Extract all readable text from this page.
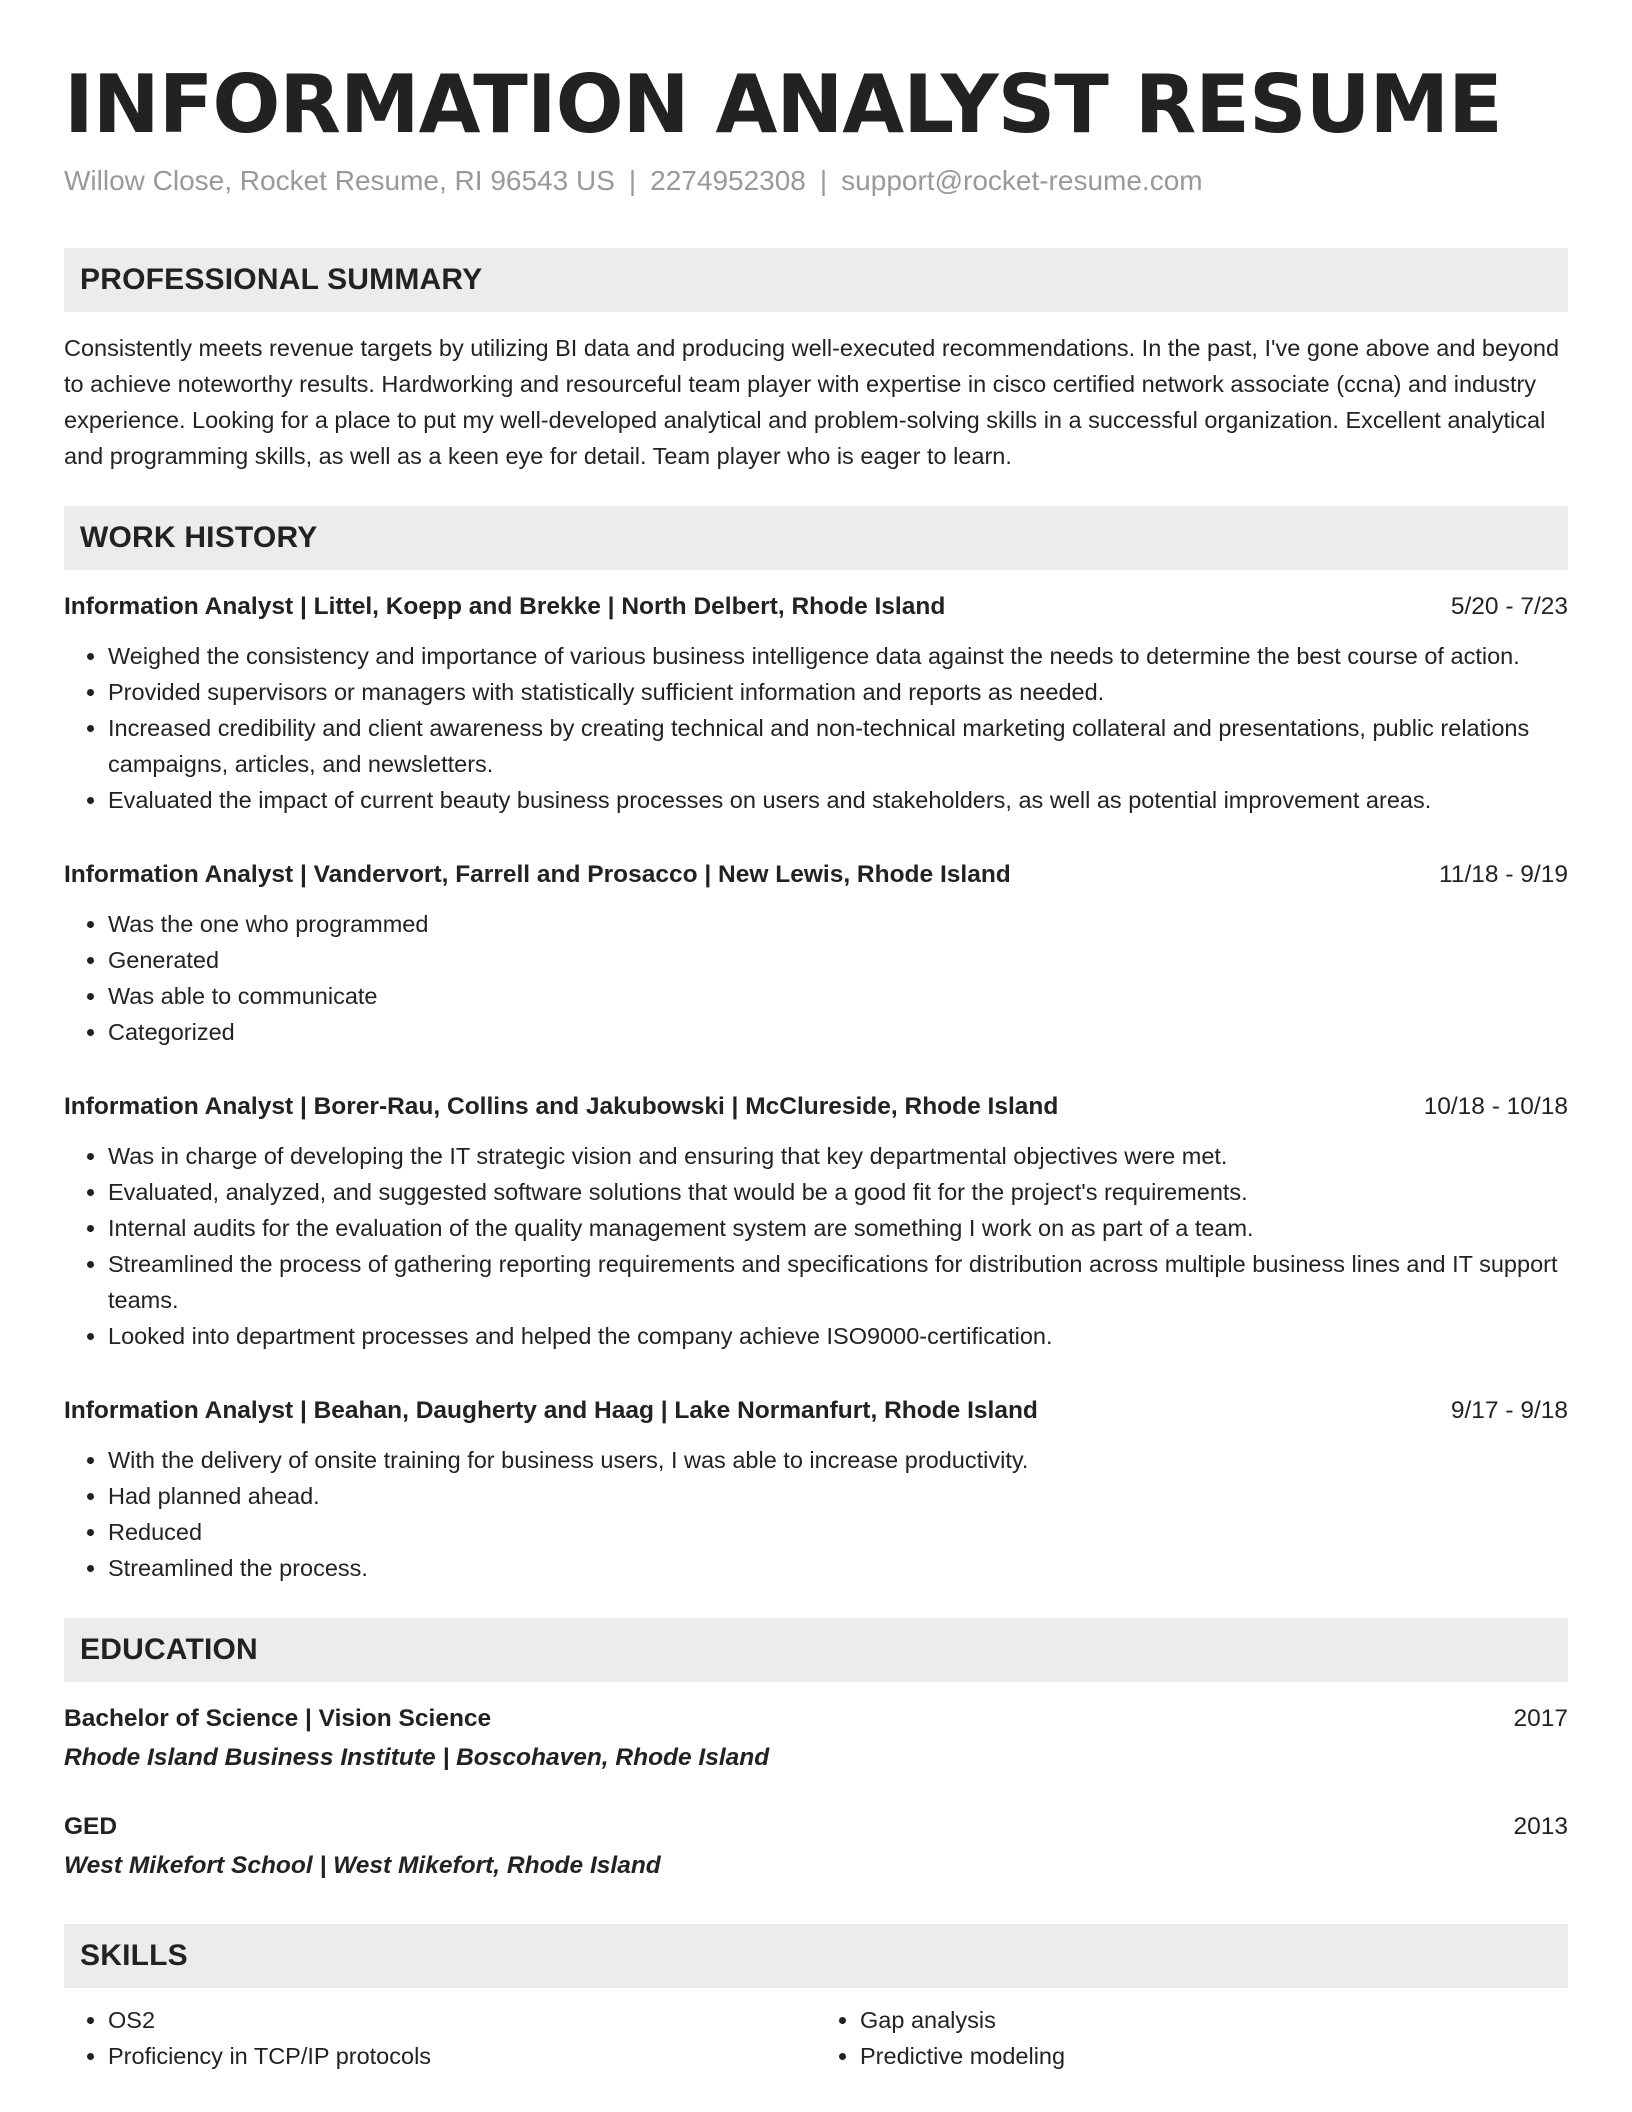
INFORMATION ANALYST RESUME
Willow Close, Rocket Resume, RI 96543 US | 2274952308 | support@rocket-resume.com
PROFESSIONAL SUMMARY
Consistently meets revenue targets by utilizing BI data and producing well-executed recommendations. In the past, I've gone above and beyond to achieve noteworthy results. Hardworking and resourceful team player with expertise in cisco certified network associate (ccna) and industry experience. Looking for a place to put my well-developed analytical and problem-solving skills in a successful organization. Excellent analytical and programming skills, as well as a keen eye for detail. Team player who is eager to learn.
WORK HISTORY
Information Analyst | Littel, Koepp and Brekke | North Delbert, Rhode Island	5/20 - 7/23
• Weighed the consistency and importance of various business intelligence data against the needs to determine the best course of action.
• Provided supervisors or managers with statistically sufficient information and reports as needed.
• Increased credibility and client awareness by creating technical and non-technical marketing collateral and presentations, public relations campaigns, articles, and newsletters.
• Evaluated the impact of current beauty business processes on users and stakeholders, as well as potential improvement areas.
Information Analyst | Vandervort, Farrell and Prosacco | New Lewis, Rhode Island	11/18 - 9/19
• Was the one who programmed
• Generated
• Was able to communicate
• Categorized
Information Analyst | Borer-Rau, Collins and Jakubowski | McClureside, Rhode Island	10/18 - 10/18
• Was in charge of developing the IT strategic vision and ensuring that key departmental objectives were met.
• Evaluated, analyzed, and suggested software solutions that would be a good fit for the project's requirements.
• Internal audits for the evaluation of the quality management system are something I work on as part of a team.
• Streamlined the process of gathering reporting requirements and specifications for distribution across multiple business lines and IT support teams.
• Looked into department processes and helped the company achieve ISO9000-certification.
Information Analyst | Beahan, Daugherty and Haag | Lake Normanfurt, Rhode Island	9/17 - 9/18
• With the delivery of onsite training for business users, I was able to increase productivity.
• Had planned ahead.
• Reduced
• Streamlined the process.
EDUCATION
Bachelor of Science | Vision Science	2017
Rhode Island Business Institute | Boscohaven, Rhode Island
GED	2013
West Mikefort School | West Mikefort, Rhode Island
SKILLS
• OS2
• Proficiency in TCP/IP protocols
• Gap analysis
• Predictive modeling
